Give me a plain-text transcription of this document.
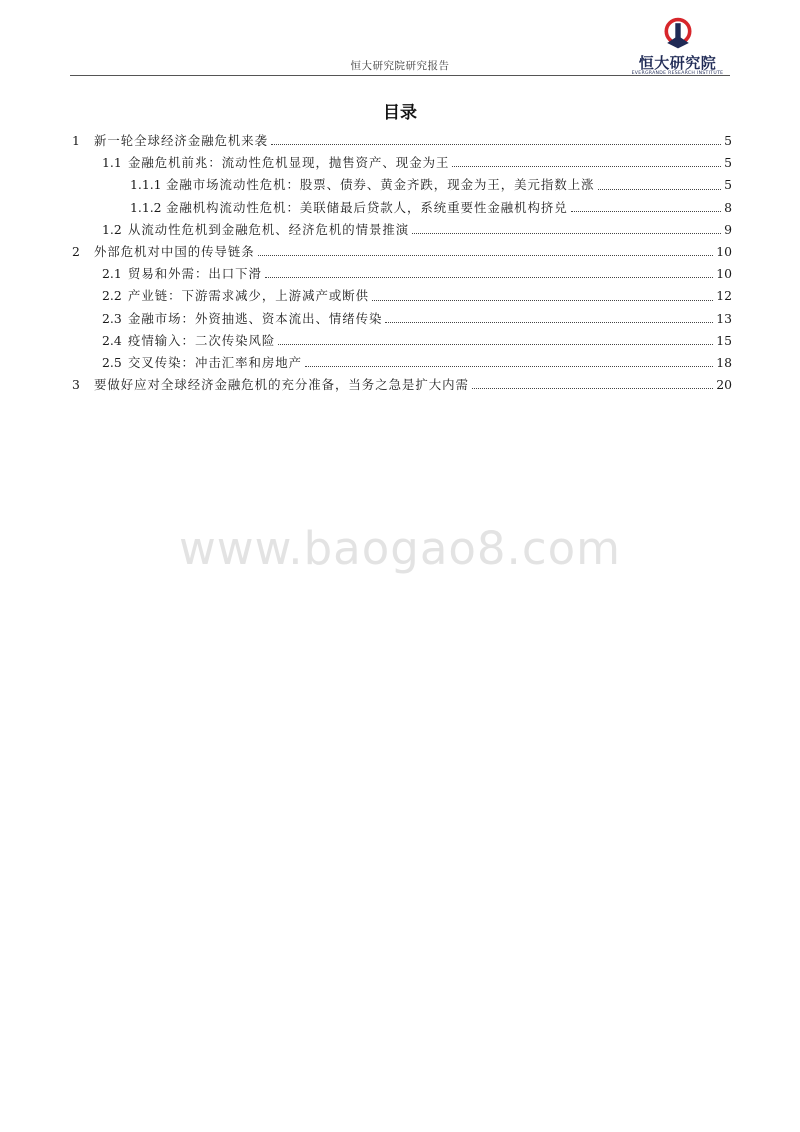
恒大研究院
EVERGRANDE RESEARCH INSTITUTE
恒大研究院研究报告
目录
1	新一轮全球经济金融危机来袭	5
1.1 金融危机前兆：流动性危机显现，抛售资产、现金为王	5
1.1.1 金融市场流动性危机：股票、债券、黄金齐跌，现金为王，美元指数上涨	5
1.1.2 金融机构流动性危机：美联储最后贷款人，系统重要性金融机构挤兑	8
1.2 从流动性危机到金融危机、经济危机的情景推演	9
2	外部危机对中国的传导链条	10
2.1 贸易和外需：出口下滑	10
2.2 产业链：下游需求减少，上游减产或断供	12
2.3 金融市场：外资抽逃、资本流出、情绪传染	13
2.4 疫情输入：二次传染风险	15
2.5 交叉传染：冲击汇率和房地产	18
3	要做好应对全球经济金融危机的充分准备，当务之急是扩大内需	20
www.baogao8.com
